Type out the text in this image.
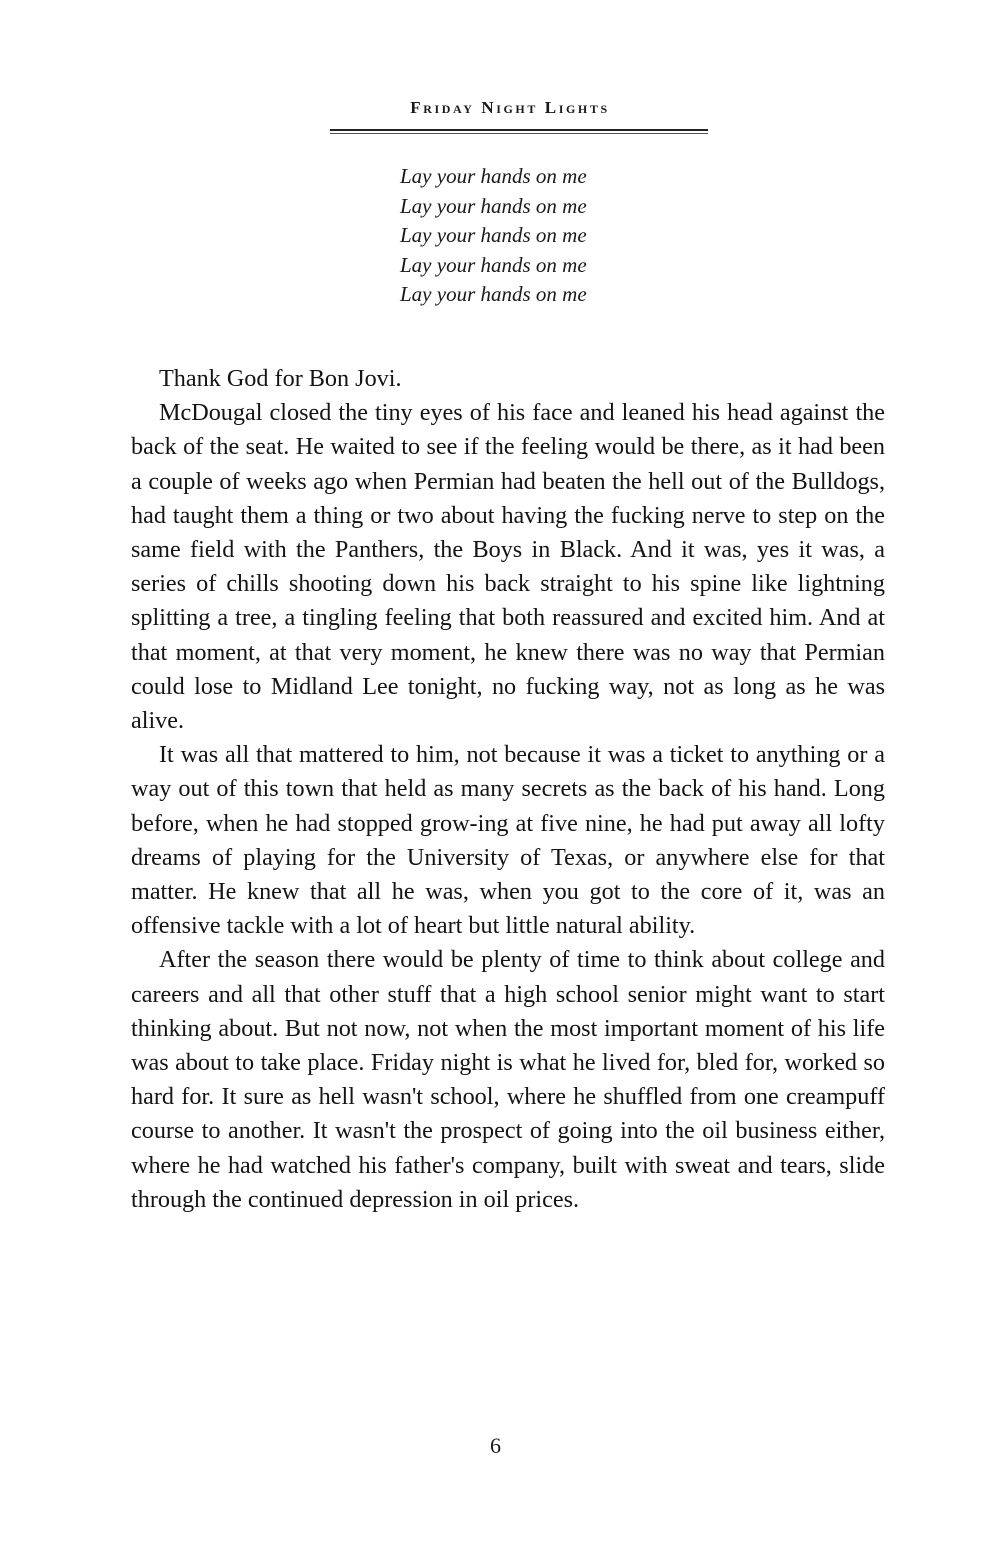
Friday Night Lights
Lay your hands on me
Lay your hands on me
Lay your hands on me
Lay your hands on me
Lay your hands on me

Thank God for Bon Jovi.

McDougal closed the tiny eyes of his face and leaned his head against the back of the seat. He waited to see if the feeling would be there, as it had been a couple of weeks ago when Permian had beaten the hell out of the Bulldogs, had taught them a thing or two about having the fucking nerve to step on the same field with the Panthers, the Boys in Black. And it was, yes it was, a series of chills shooting down his back straight to his spine like lightning splitting a tree, a tingling feeling that both reassured and excited him. And at that moment, at that very moment, he knew there was no way that Permian could lose to Midland Lee tonight, no fucking way, not as long as he was alive.

It was all that mattered to him, not because it was a ticket to anything or a way out of this town that held as many secrets as the back of his hand. Long before, when he had stopped grow-ing at five nine, he had put away all lofty dreams of playing for the University of Texas, or anywhere else for that matter. He knew that all he was, when you got to the core of it, was an offensive tackle with a lot of heart but little natural ability.

After the season there would be plenty of time to think about college and careers and all that other stuff that a high school senior might want to start thinking about. But not now, not when the most important moment of his life was about to take place. Friday night is what he lived for, bled for, worked so hard for. It sure as hell wasn't school, where he shuffled from one creampuff course to another. It wasn't the prospect of going into the oil business either, where he had watched his father's company, built with sweat and tears, slide through the continued depression in oil prices.

6
